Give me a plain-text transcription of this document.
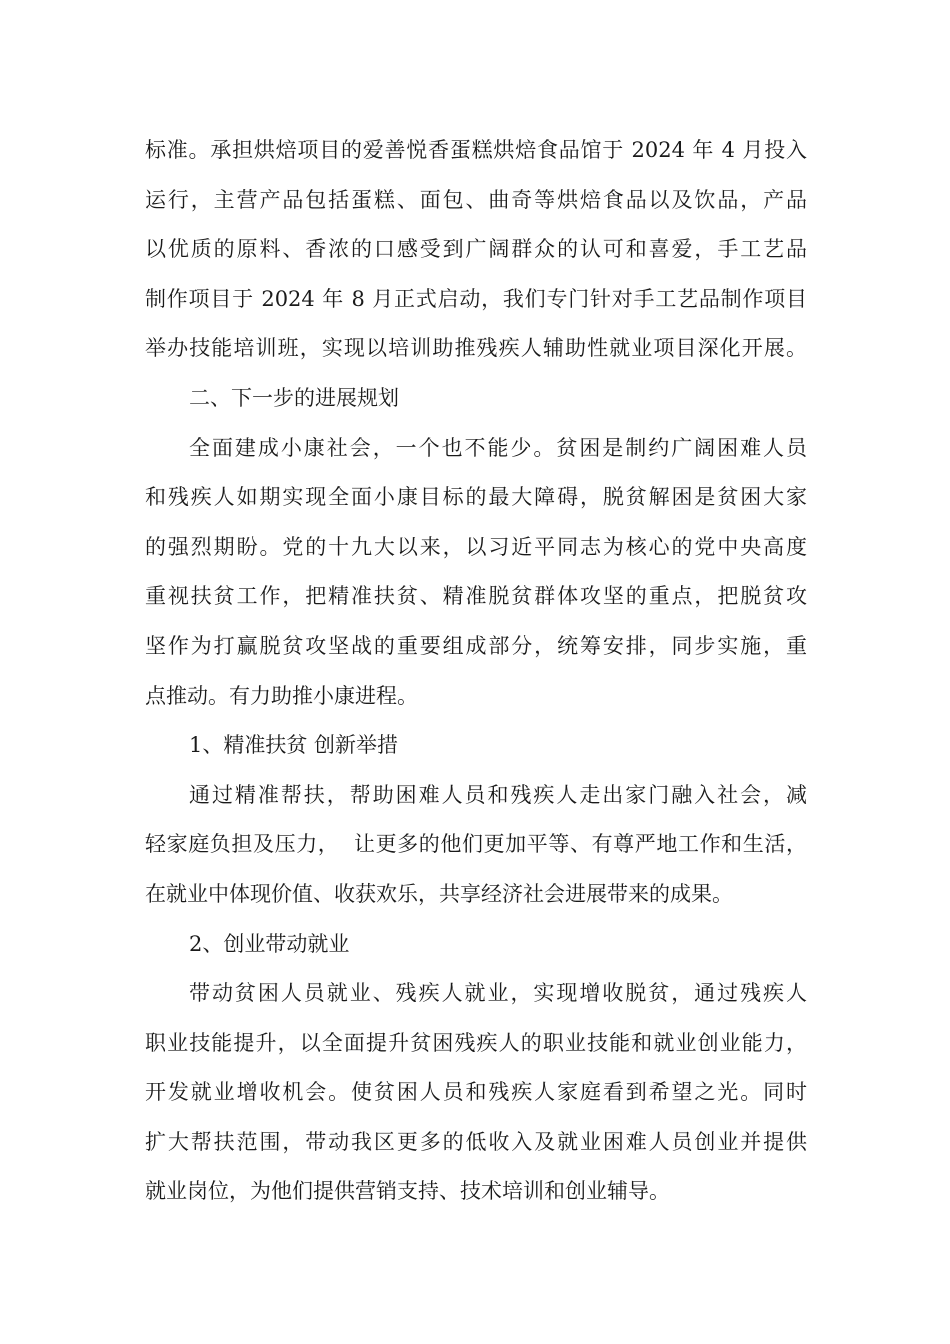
标准。承担烘焙项目的爱善悦香蛋糕烘焙食品馆于 2024 年 4 月投入
运行，主营产品包括蛋糕、面包、曲奇等烘焙食品以及饮品，产品
以优质的原料、香浓的口感受到广阔群众的认可和喜爱，手工艺品
制作项目于 2024 年 8 月正式启动，我们专门针对手工艺品制作项目
举办技能培训班，实现以培训助推残疾人辅助性就业项目深化开展。
二、下一步的进展规划
全面建成小康社会，一个也不能少。贫困是制约广阔困难人员
和残疾人如期实现全面小康目标的最大障碍，脱贫解困是贫困大家
的强烈期盼。党的十九大以来，以习近平同志为核心的党中央高度
重视扶贫工作，把精准扶贫、精准脱贫群体攻坚的重点，把脱贫攻
坚作为打赢脱贫攻坚战的重要组成部分，统筹安排，同步实施，重
点推动。有力助推小康进程。
1、精准扶贫 创新举措
通过精准帮扶，帮助困难人员和残疾人走出家门融入社会，减
轻家庭负担及压力，  让更多的他们更加平等、有尊严地工作和生活，
在就业中体现价值、收获欢乐，共享经济社会进展带来的成果。
2、创业带动就业
带动贫困人员就业、残疾人就业，实现增收脱贫，通过残疾人
职业技能提升，以全面提升贫困残疾人的职业技能和就业创业能力，
开发就业增收机会。使贫困人员和残疾人家庭看到希望之光。同时
扩大帮扶范围，带动我区更多的低收入及就业困难人员创业并提供
就业岗位，为他们提供营销支持、技术培训和创业辅导。
